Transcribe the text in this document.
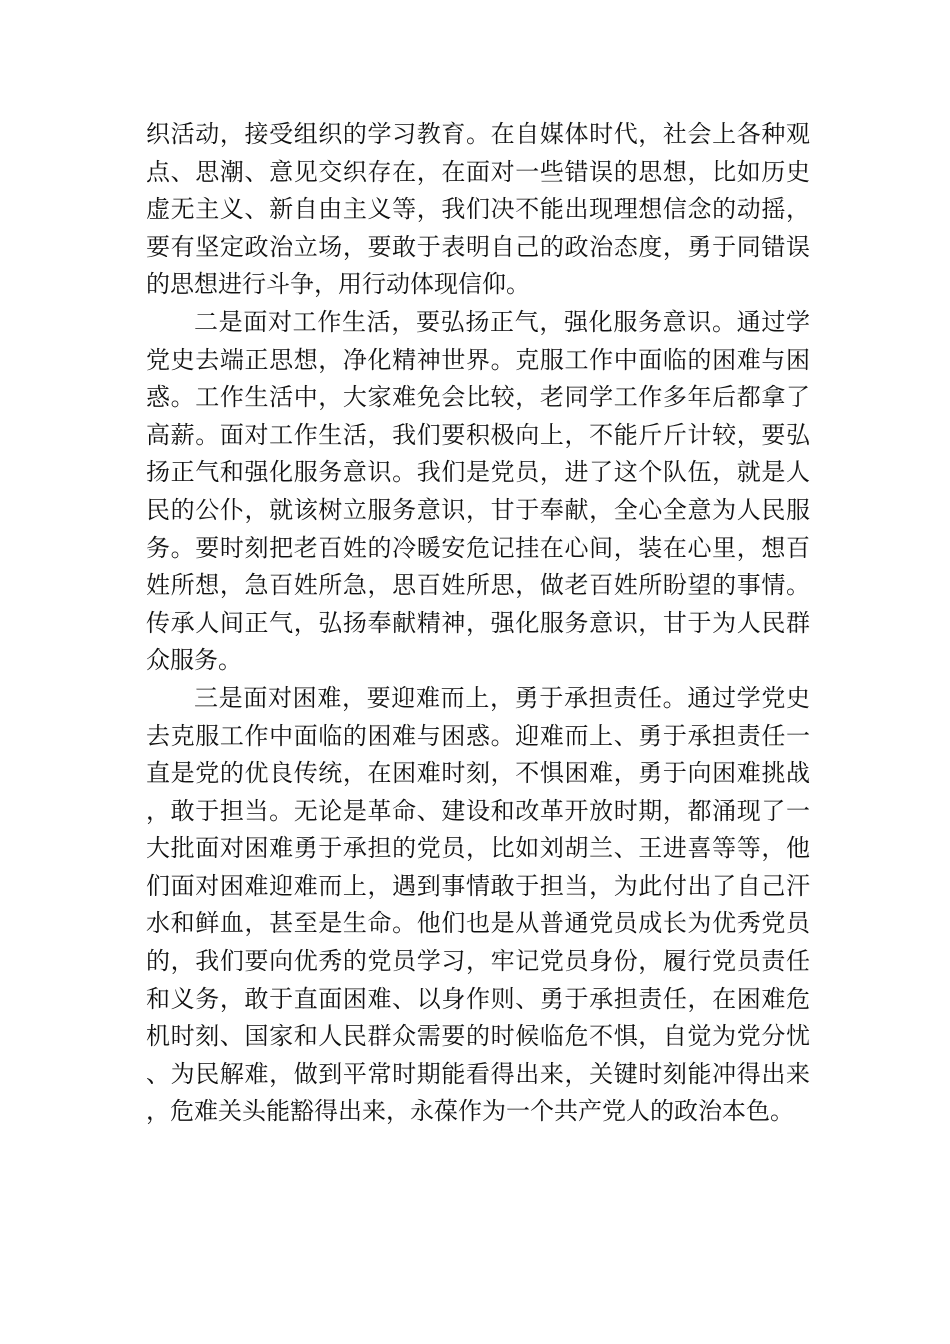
织活动，接受组织的学习教育。在自媒体时代，社会上各种观点、思潮、意见交织存在，在面对一些错误的思想，比如历史虚无主义、新自由主义等，我们决不能出现理想信念的动摇，要有坚定政治立场，要敢于表明自己的政治态度，勇于同错误的思想进行斗争，用行动体现信仰。

二是面对工作生活，要弘扬正气，强化服务意识。通过学党史去端正思想，净化精神世界。克服工作中面临的困难与困惑。工作生活中，大家难免会比较，老同学工作多年后都拿了高薪。面对工作生活，我们要积极向上，不能斤斤计较，要弘扬正气和强化服务意识。我们是党员，进了这个队伍，就是人民的公仆，就该树立服务意识，甘于奉献，全心全意为人民服务。要时刻把老百姓的冷暖安危记挂在心间，装在心里，想百姓所想，急百姓所急，思百姓所思，做老百姓所盼望的事情。传承人间正气，弘扬奉献精神，强化服务意识，甘于为人民群众服务。

三是面对困难，要迎难而上，勇于承担责任。通过学党史去克服工作中面临的困难与困惑。迎难而上、勇于承担责任一直是党的优良传统，在困难时刻，不惧困难，勇于向困难挑战，敢于担当。无论是革命、建设和改革开放时期，都涌现了一大批面对困难勇于承担的党员，比如刘胡兰、王进喜等等，他们面对困难迎难而上，遇到事情敢于担当，为此付出了自己汗水和鲜血，甚至是生命。他们也是从普通党员成长为优秀党员的，我们要向优秀的党员学习，牢记党员身份，履行党员责任和义务，敢于直面困难、以身作则、勇于承担责任，在困难危机时刻、国家和人民群众需要的时候临危不惧，自觉为党分忧、为民解难，做到平常时期能看得出来，关键时刻能冲得出来，危难关头能豁得出来，永葆作为一个共产党人的政治本色。
